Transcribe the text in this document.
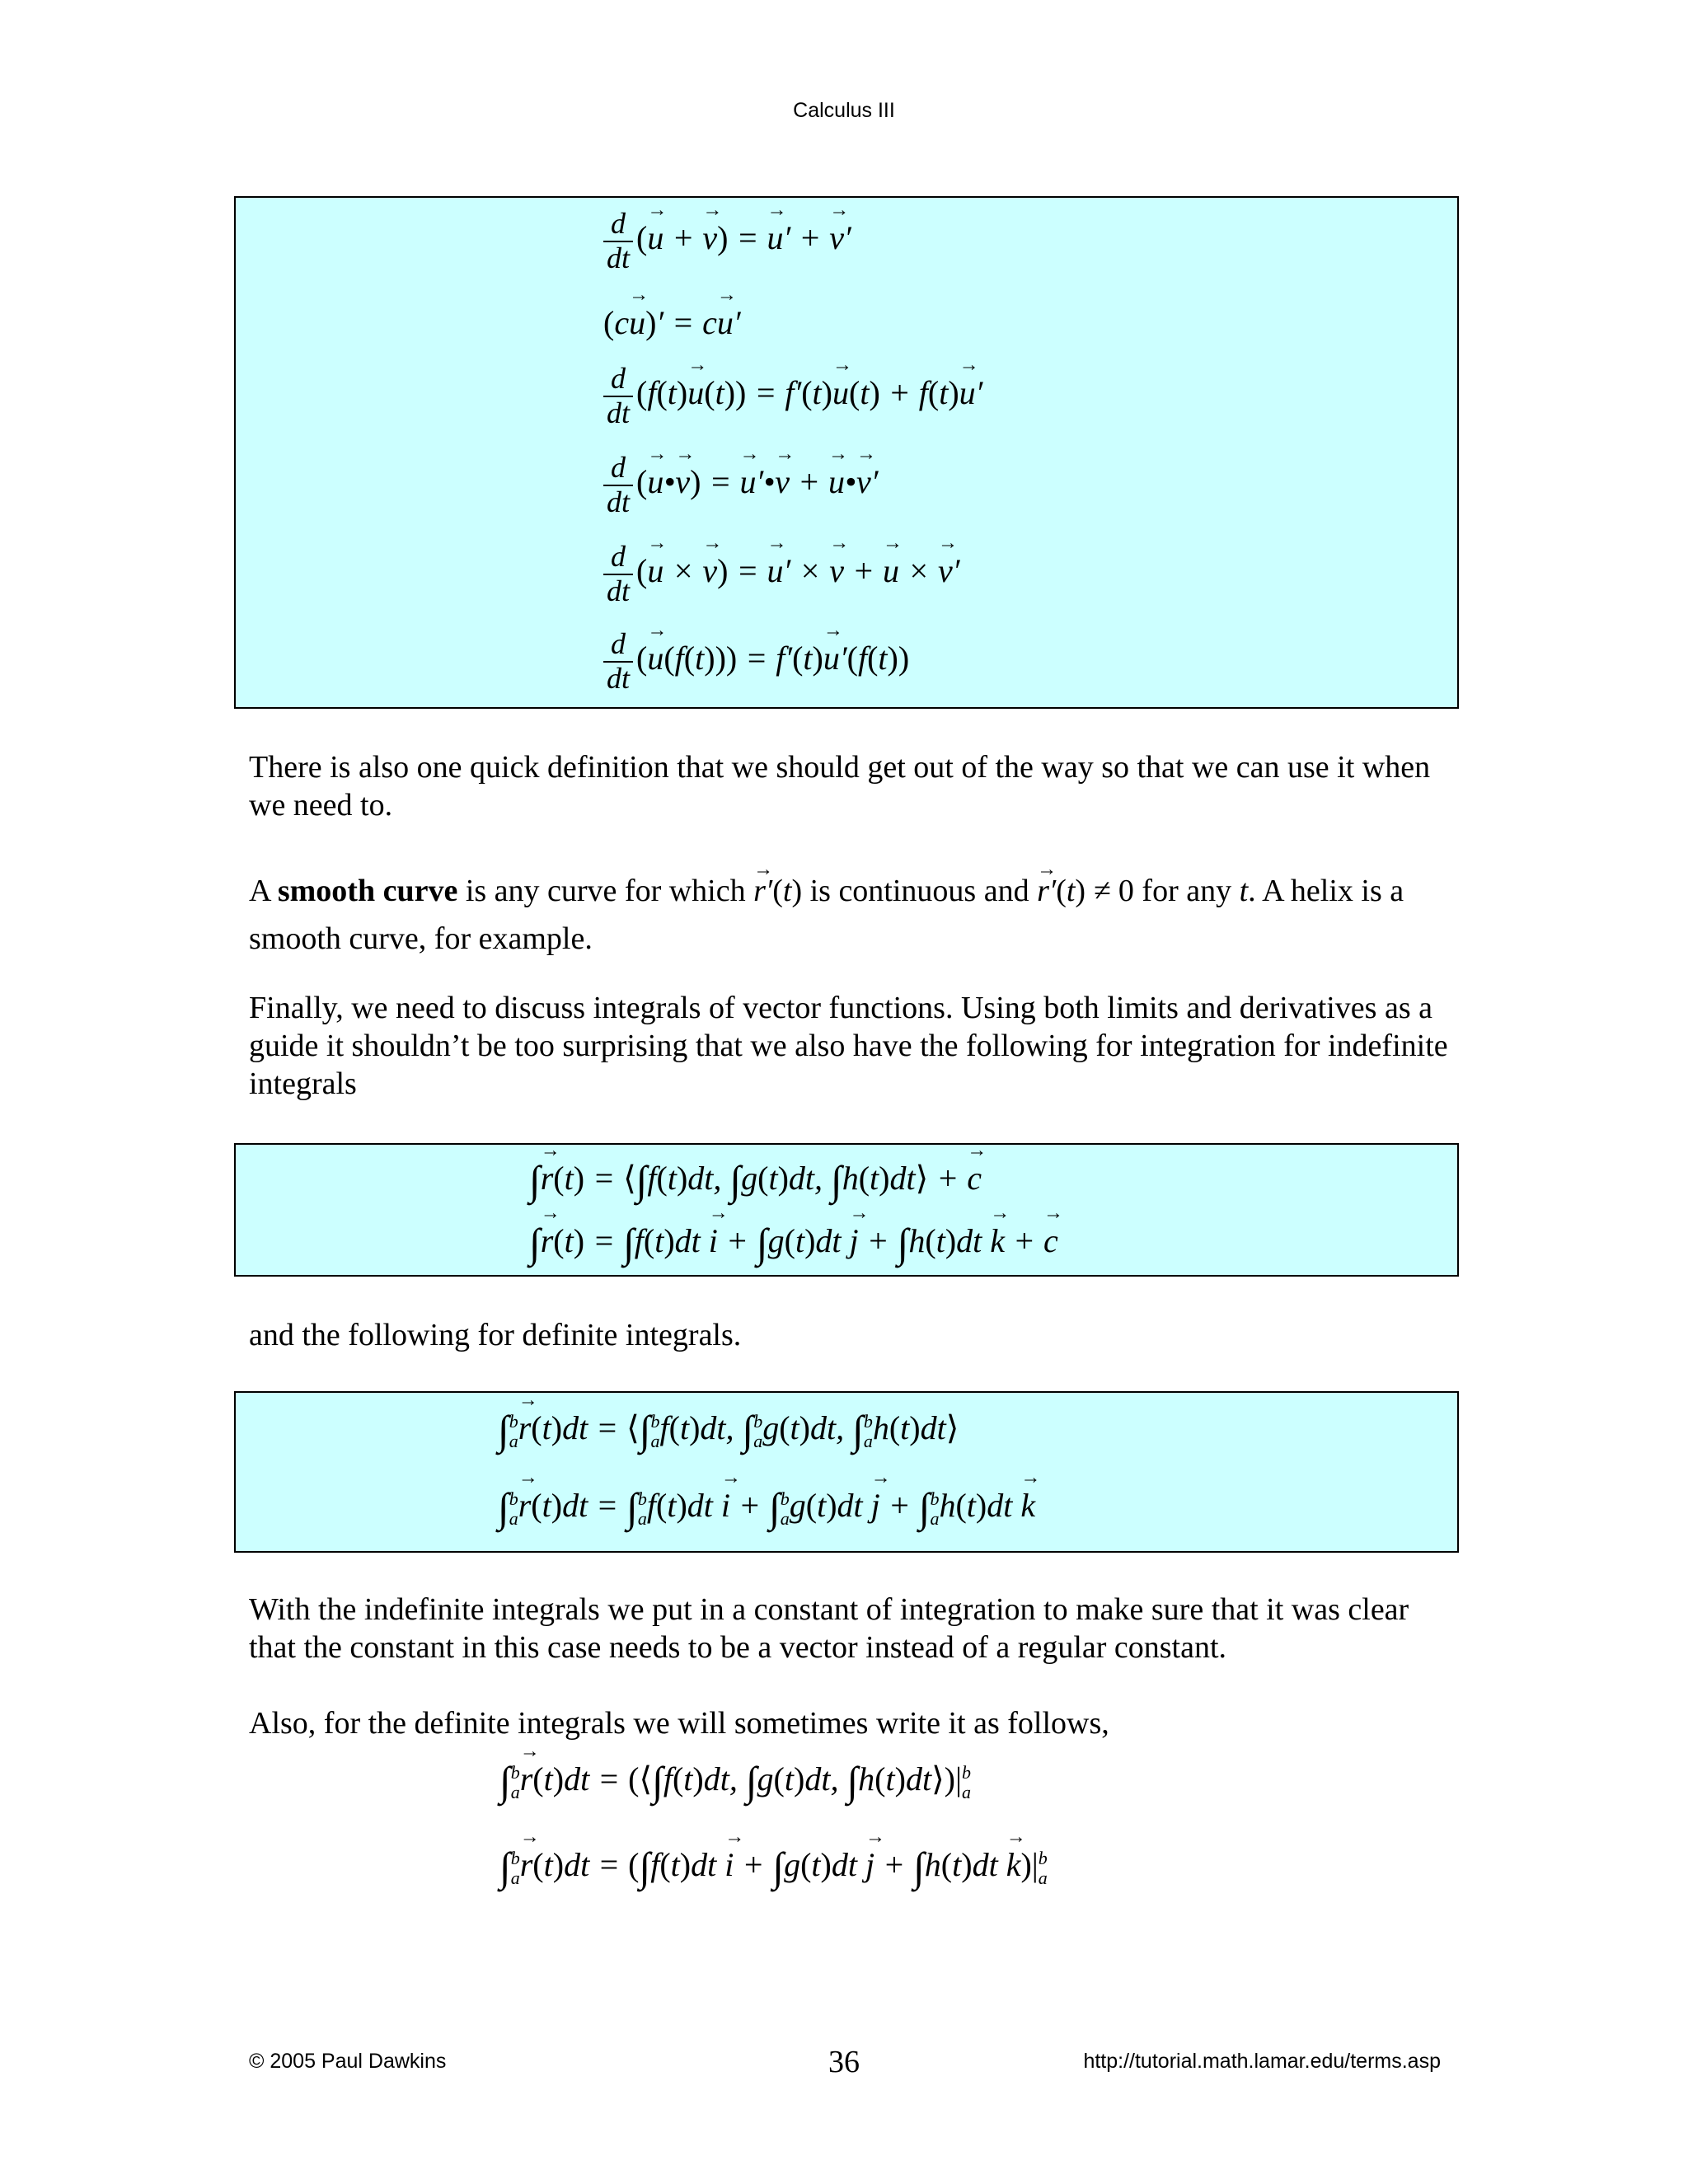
Calculus III
$\frac{d}{dt}$ (→ u + → v) = → u′ + → v′
(c→ u)′ = c→ u′
$\frac{d}{dt} (f(t)\to u(t)) = f'(t)\to u(t) + f(t)\to u'$
$\frac{d}{dt}$ (→ u•→ v) = → u′•→ v + → u•→ v′
$\frac{d}{dt}$ (→ u × → v) = → u′ × → v + → u × → v′
$\frac{d}{dt}$ (→ u(f(t))) = f′(t)→ u′(f(t))
There is also one quick definition that we should get out of the way so that we can use it when we need to.
A smooth curve is any curve for which → r′(t) is continuous and → r′(t) ≠ 0 for any t. A helix is a smooth curve, for example.
Finally, we need to discuss integrals of vector functions. Using both limits and derivatives as a guide it shouldn’t be too surprising that we also have the following for integration for indefinite integrals
∫→ r(t) = ⟨∫f(t)dt, ∫g(t)dt, ∫h(t)dt⟩ + → c
∫→ r(t) = ∫f(t)dt → i + ∫g(t)dt → j + ∫h(t)dt → k + → c
and the following for definite integrals.
∫ b
a → r(t)dt = ⟨∫ b
a f(t)dt, ∫ b
a g(t)dt, ∫ b
a h(t)dt⟩
∫ b
a → r(t)dt = ∫ b
a f(t)dt → i + ∫ b
a g(t)dt → j + ∫ b
a h(t)dt → k
With the indefinite integrals we put in a constant of integration to make sure that it was clear that the constant in this case needs to be a vector instead of a regular constant.
Also, for the definite integrals we will sometimes write it as follows,
∫ b
a → r(t)dt = (⟨∫f(t)dt, ∫g(t)dt, ∫h(t)dt⟩)| b
a
∫ b
a → r(t)dt = (∫f(t)dt → i + ∫g(t)dt → j + ∫h(t)dt → k)| b
a
© 2005 Paul Dawkins	36	http://tutorial.math.lamar.edu/terms.asp
